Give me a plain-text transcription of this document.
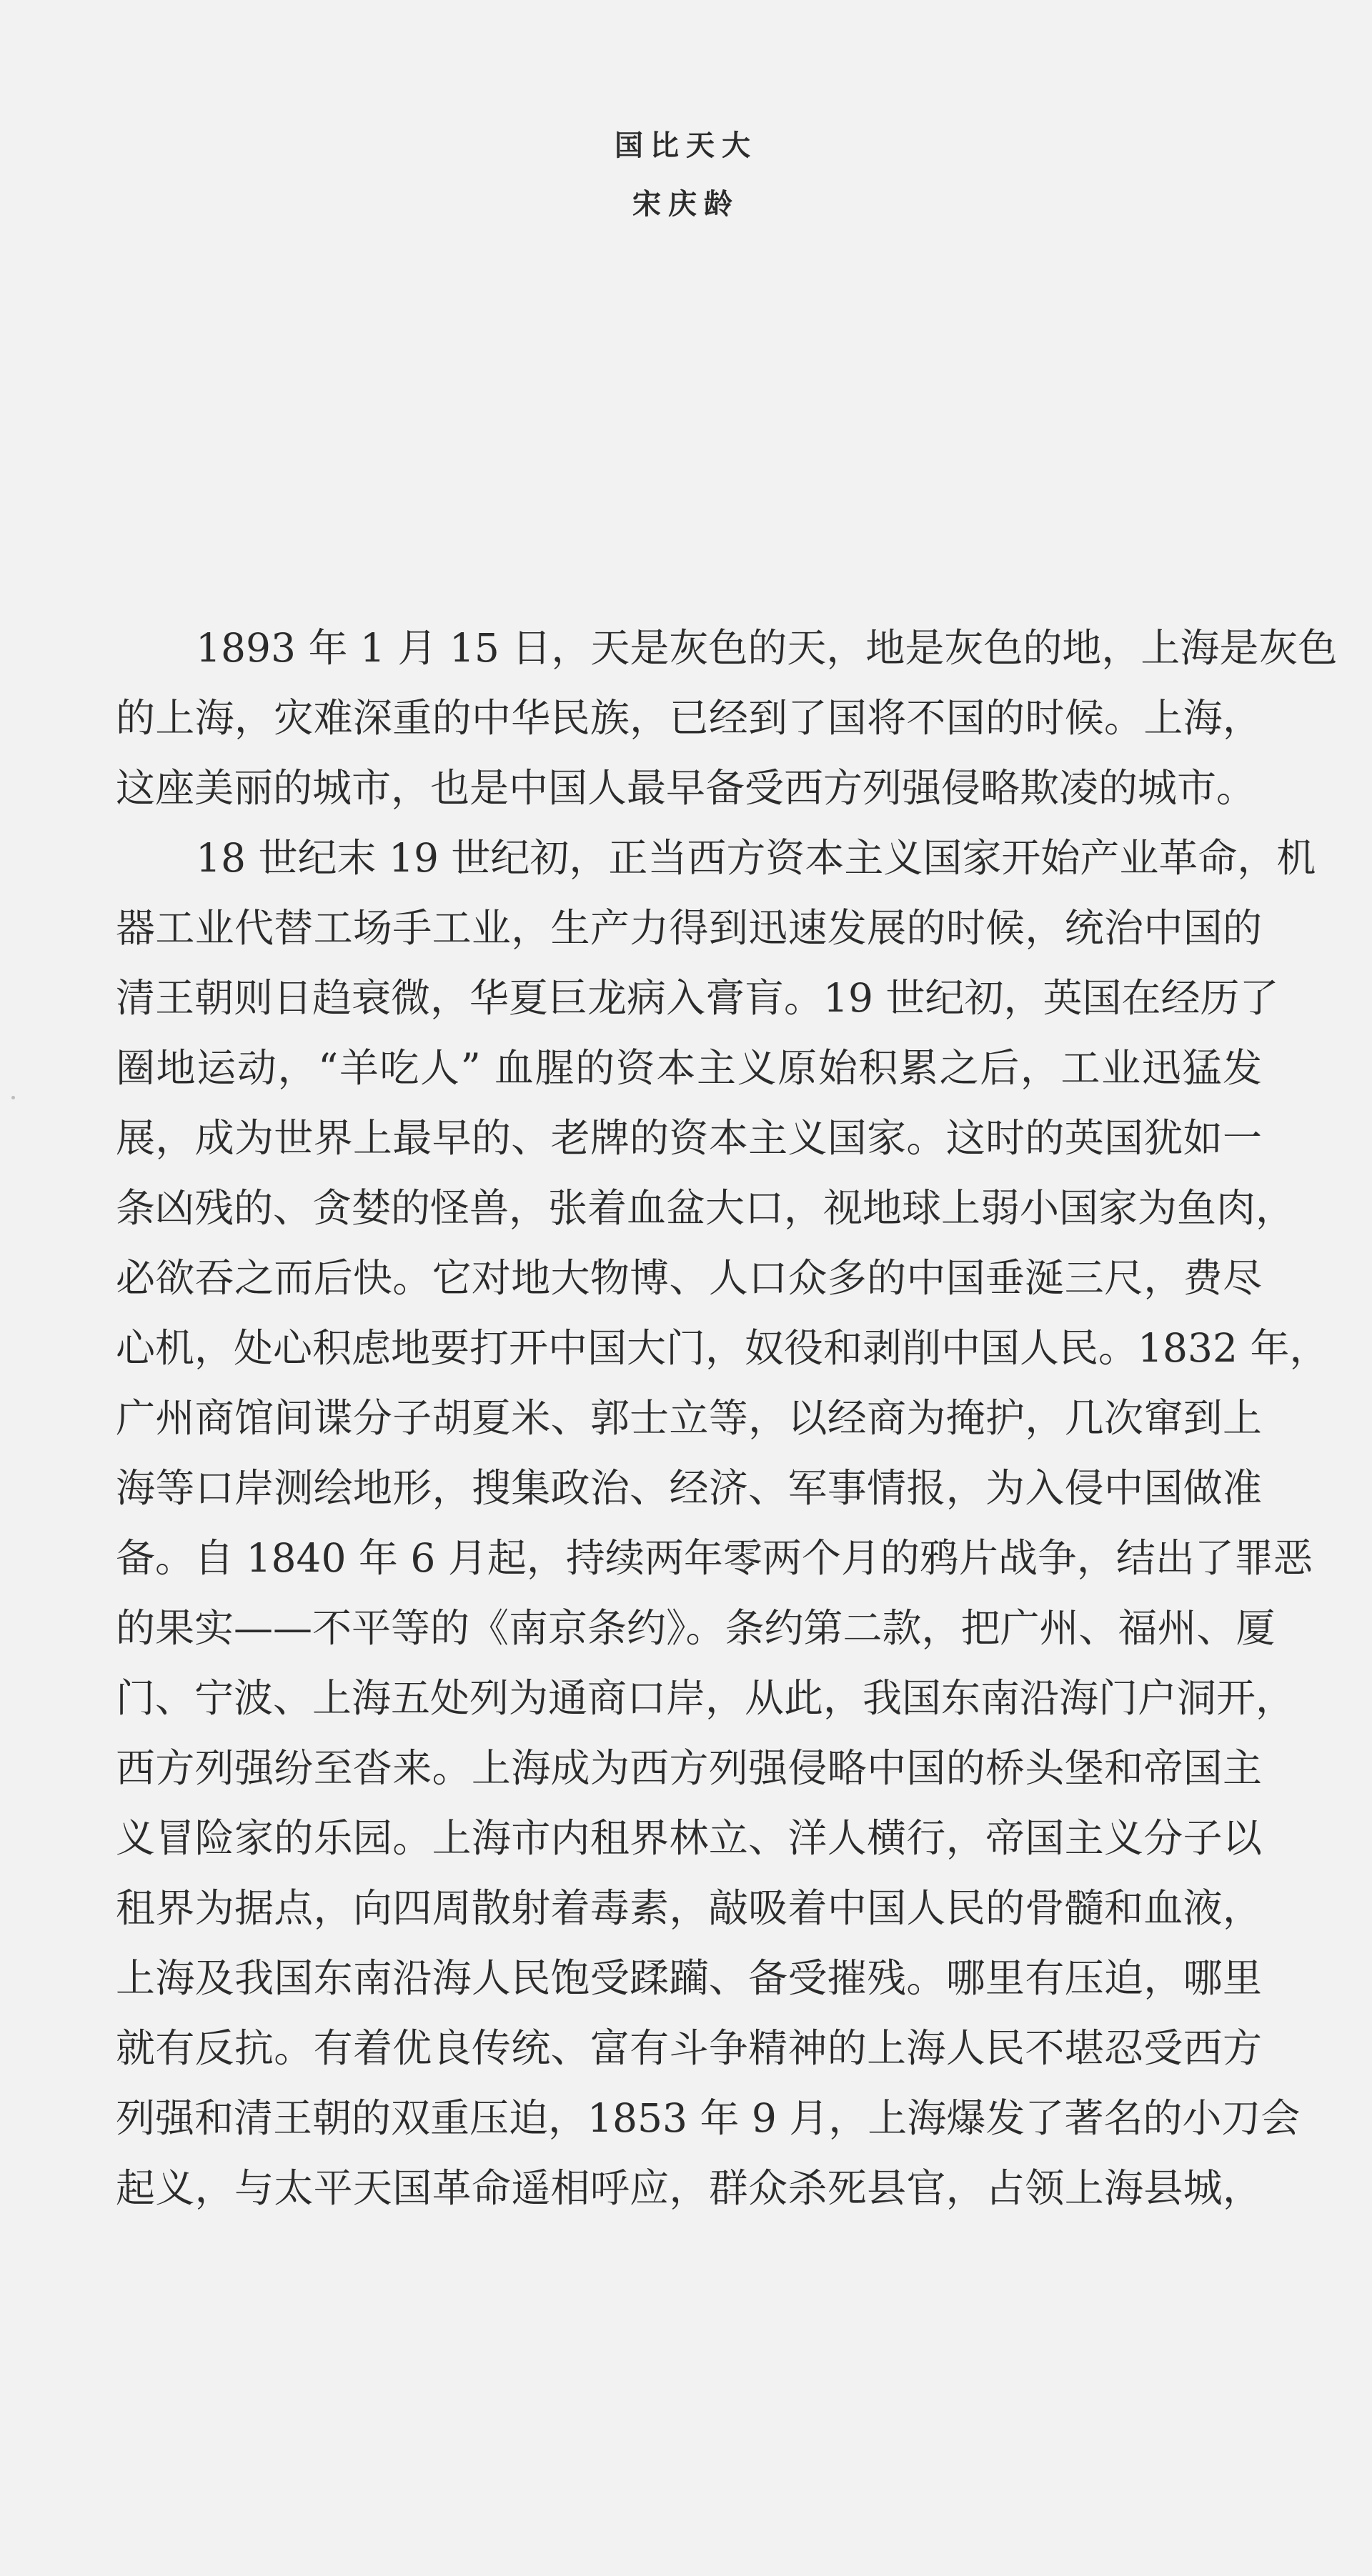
国比天大
宋庆龄
1893 年 1 月 15 日，天是灰色的天，地是灰色的地，上海是灰色
的上海，灾难深重的中华民族，已经到了国将不国的时候。上海，
这座美丽的城市，也是中国人最早备受西方列强侵略欺凌的城市。
18 世纪末 19 世纪初，正当西方资本主义国家开始产业革命，机
器工业代替工场手工业，生产力得到迅速发展的时候，统治中国的
清王朝则日趋衰微，华夏巨龙病入膏肓。19 世纪初，英国在经历了
圈地运动，“羊吃人” 血腥的资本主义原始积累之后，工业迅猛发
展，成为世界上最早的、老牌的资本主义国家。这时的英国犹如一
条凶残的、贪婪的怪兽，张着血盆大口，视地球上弱小国家为鱼肉，
必欲吞之而后快。它对地大物博、人口众多的中国垂涎三尺，费尽
心机，处心积虑地要打开中国大门，奴役和剥削中国人民。1832 年，
广州商馆间谍分子胡夏米、郭士立等，以经商为掩护，几次窜到上
海等口岸测绘地形，搜集政治、经济、军事情报，为入侵中国做准
备。自 1840 年 6 月起，持续两年零两个月的鸦片战争，结出了罪恶
的果实——不平等的《南京条约》。条约第二款，把广州、福州、厦
门、宁波、上海五处列为通商口岸，从此，我国东南沿海门户洞开，
西方列强纷至沓来。上海成为西方列强侵略中国的桥头堡和帝国主
义冒险家的乐园。上海市内租界林立、洋人横行，帝国主义分子以
租界为据点，向四周散射着毒素，敲吸着中国人民的骨髓和血液，
上海及我国东南沿海人民饱受蹂躏、备受摧残。哪里有压迫，哪里
就有反抗。有着优良传统、富有斗争精神的上海人民不堪忍受西方
列强和清王朝的双重压迫，1853 年 9 月，上海爆发了著名的小刀会
起义，与太平天国革命遥相呼应，群众杀死县官，占领上海县城，
